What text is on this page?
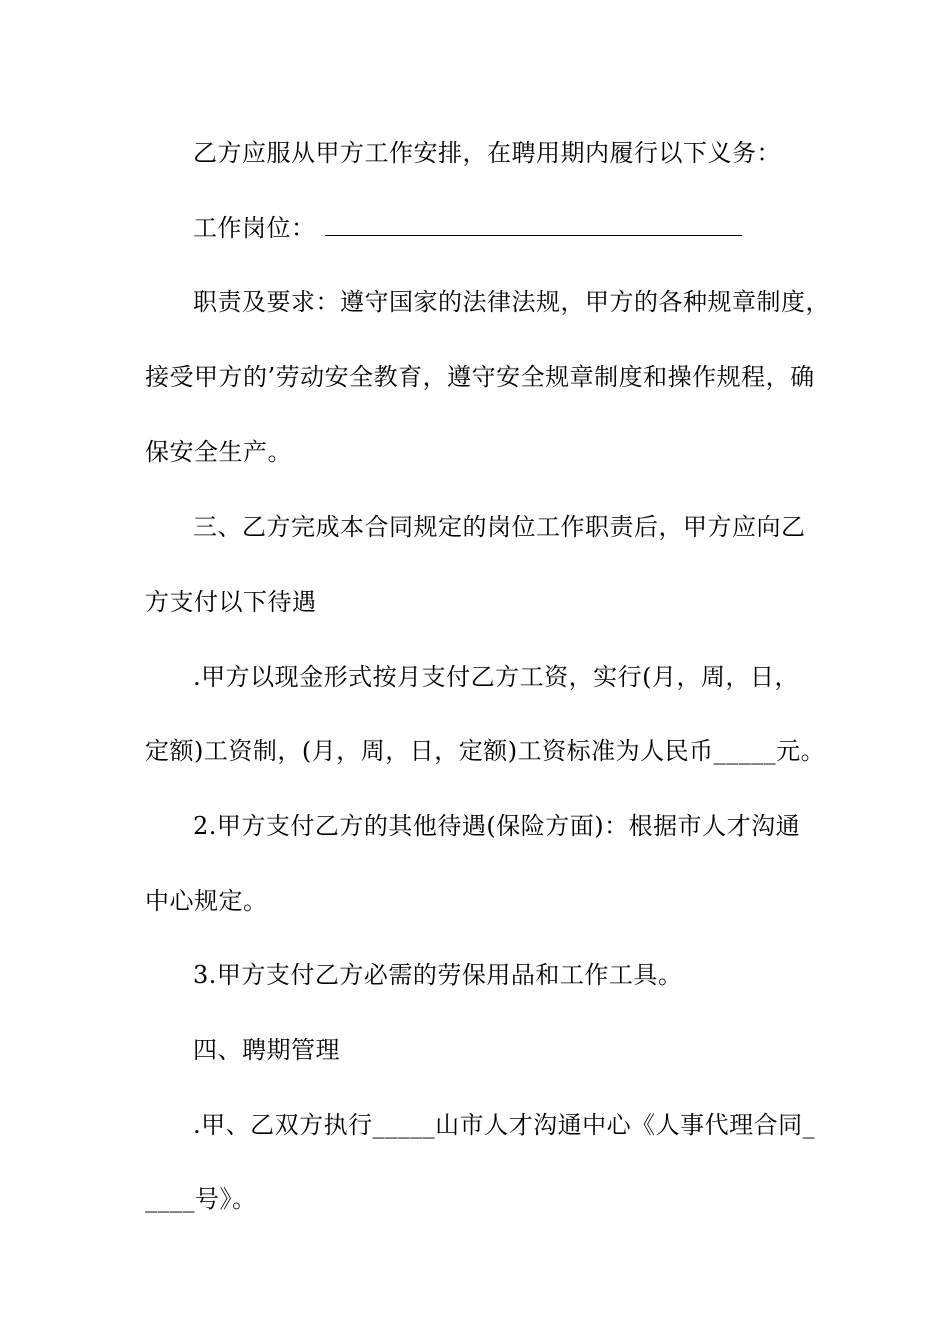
乙方应服从甲方工作安排，在聘用期内履行以下义务：
工作岗位：
职责及要求：遵守国家的法律法规，甲方的各种规章制度，
接受甲方的’劳动安全教育，遵守安全规章制度和操作规程，确
保安全生产。
三、乙方完成本合同规定的岗位工作职责后，甲方应向乙
方支付以下待遇
.甲方以现金形式按月支付乙方工资，实行(月，周，日，
定额)工资制，(月，周，日，定额)工资标准为人民币_____元。
2.甲方支付乙方的其他待遇(保险方面)：根据市人才沟通
中心规定。
3.甲方支付乙方必需的劳保用品和工作工具。
四、聘期管理
.甲、乙双方执行_____山市人才沟通中心《人事代理合同_
____号》。
